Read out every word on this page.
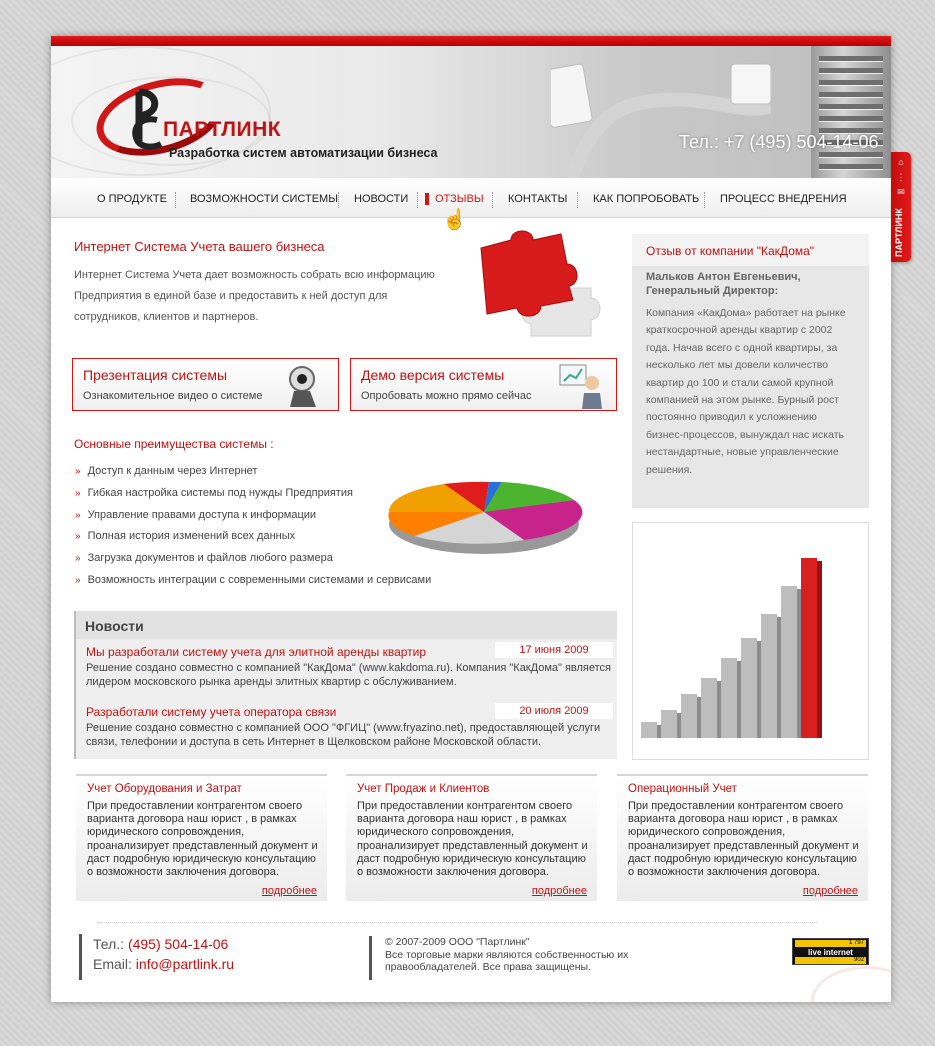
ПАРТЛИНК
Разработка систем автоматизации бизнеса
Тел.: +7 (495) 504-14-06
О ПРОДУКТЕ ВОЗМОЖНОСТИ СИСТЕМЫ НОВОСТИ	ОТЗЫВЫ КОНТАКТЫ КАК ПОПРОБОВАТЬ ПРОЦЕСС ВНЕДРЕНИЯ
☝
Интернет Система Учета вашего бизнеса

Интернет Система Учета дает возможность собрать всю информацию Предприятия в единой базе и предоставить к ней доступ для сотрудников, клиентов и партнеров.

Презентация системы
Ознакомительное видео о системе
Демо версия системы
Опробовать можно прямо сейчас
Основные преимущества системы :
» Доступ к данным через Интернет
» Гибкая настройка системы под нужды Предприятия
» Управление правами доступа к информации
» Полная история изменений всех данных
» Загрузка документов и файлов любого размера
» Возможность интеграции с современными системами и сервисами
Новости
Мы разработали систему учета для элитной аренды квартир	17 июня 2009
Решение создано совместно с компанией "КакДома" (www.kakdoma.ru). Компания "КакДома" является лидером московского рынка аренды элитных квартир с обслуживанием.
Разработали систему учета оператора связи	20 июля 2009
Решение создано совместно с компанией ООО "ФГИЦ" (www.fryazino.net), предоставляющей услуги связи, телефонии и доступа в сеть Интернет в Щелковском районе Московской области.
Отзыв от компании "КакДома"
Мальков Антон Евгеньевич, Генеральный Директор:
Компания «КакДома» работает на рынке краткосрочной аренды квартир с 2002 года. Начав всего с одной квартиры, за несколько лет мы довели количество квартир до 100 и стали самой крупной компанией на этом рынке. Бурный рост постоянно приводил к усложнению бизнес-процессов, вынуждал нас искать нестандартные, новые управленческие решения.
Учет Оборудования и Затрат
При предоставлении контрагентом своего варианта договора наш юрист , в рамках юридического сопровождения, проанализирует представленный документ и даст подробную юридическую консультацию о возможности заключения договора.
подробнее
Учет Продаж и Клиентов
При предоставлении контрагентом своего варианта договора наш юрист , в рамках юридического сопровождения, проанализирует представленный документ и даст подробную юридическую консультацию о возможности заключения договора.
подробнее
Операционный Учет
При предоставлении контрагентом своего варианта договора наш юрист , в рамках юридического сопровождения, проанализирует представленный документ и даст подробную юридическую консультацию о возможности заключения договора.
подробнее
Тел.: (495) 504-14-06
Email: info@partlink.ru
© 2007-2009 ООО "Партлинк"
Все торговые марки являются собственностью их правообладателей. Все права защищены.
1 797
live internet
902
⌂
⋮
✉
ПАРТЛИНК
